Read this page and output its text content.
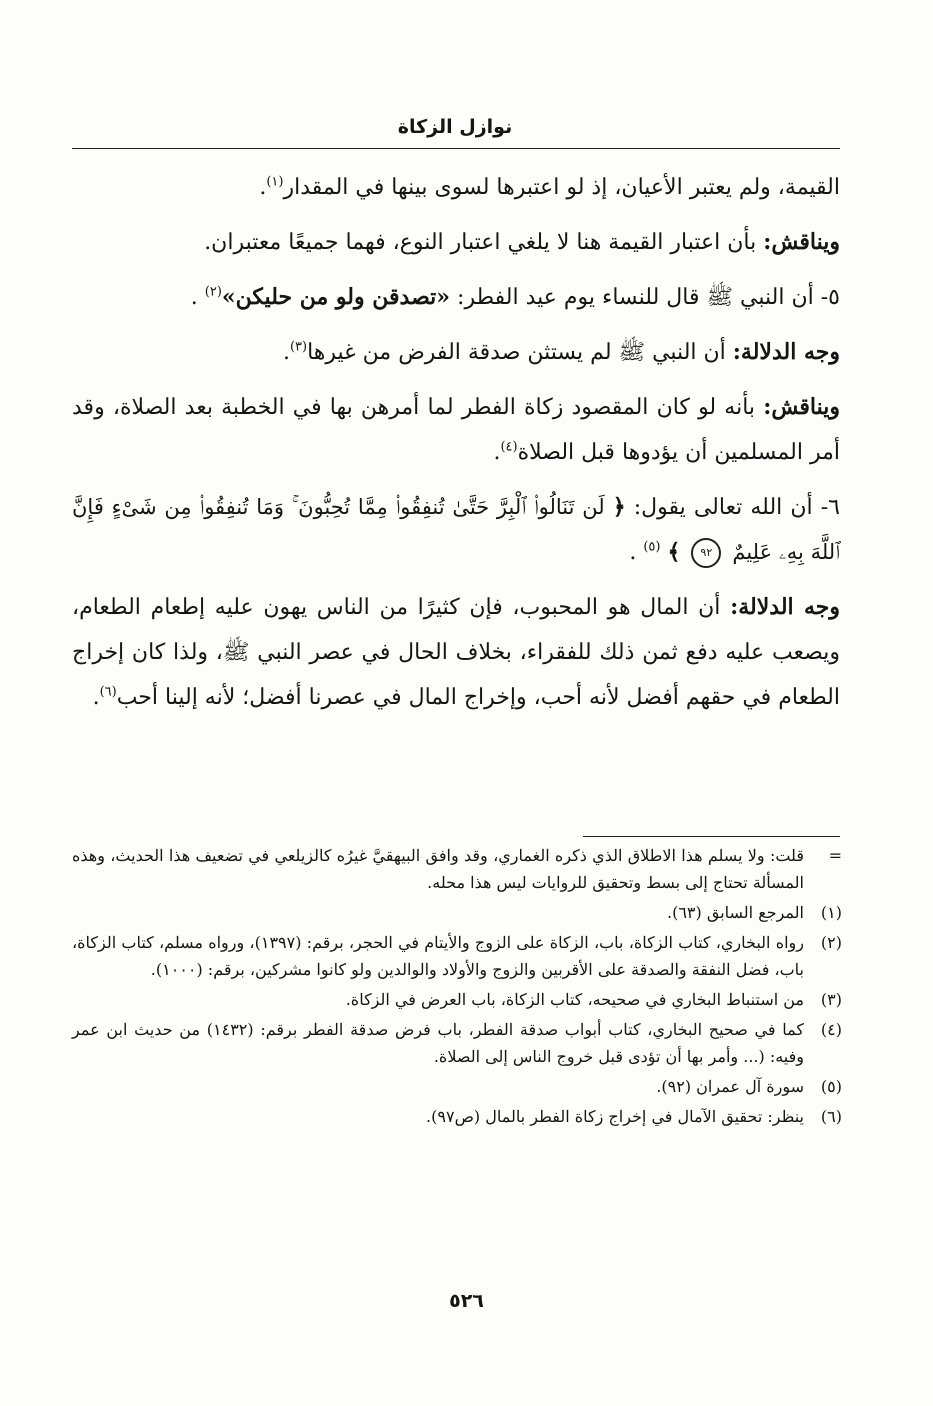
نوازل الزكاة

القيمة، ولم يعتبر الأعيان، إذ لو اعتبرها لسوى بينها في المقدار$^{(١)}$.

ويناقش: بأن اعتبار القيمة هنا لا يلغي اعتبار النوع، فهما جميعًا معتبران.

٥- أن النبي ﷺ قال للنساء يوم عيد الفطر: «تصدقن ولو من حليكن»$^{(٢)}$ .

وجه الدلالة: أن النبي ﷺ لم يستثن صدقة الفرض من غيرها$^{(٣)}$.

ويناقش: بأنه لو كان المقصود زكاة الفطر لما أمرهن بها في الخطبة بعد الصلاة، وقد أمر المسلمين أن يؤدوها قبل الصلاة$^{(٤)}$.

٦- أن الله تعالى يقول: ﴿ لَن تَنَالُوا۟ ٱلْبِرَّ حَتَّىٰ تُنفِقُوا۟ مِمَّا تُحِبُّونَ ۚ وَمَا تُنفِقُوا۟ مِن شَىْءٍ فَإِنَّ ٱللَّهَ بِهِۦ عَلِيمٌ ٩٢ ﴾ $^{(٥)}$ .

وجه الدلالة: أن المال هو المحبوب، فإن كثيرًا من الناس يهون عليه إطعام الطعام، ويصعب عليه دفع ثمن ذلك للفقراء، بخلاف الحال في عصر النبي ﷺ، ولذا كان إخراج الطعام في حقهم أفضل لأنه أحب، وإخراج المال في عصرنا أفضل؛ لأنه إلينا أحب$^{(٦)}$.

=
قلت: ولا يسلم هذا الاطلاق الذي ذكره الغماري، وقد وافق البيهقيَّ غيرُه كالزيلعي في تضعيف هذا الحديث، وهذه المسألة تحتاج إلى بسط وتحقيق للروايات ليس هذا محله.
(١)
المرجع السابق (٦٣).
(٢)
رواه البخاري، كتاب الزكاة، باب، الزكاة على الزوج والأيتام في الحجر، برقم: (١٣٩٧)، ورواه مسلم، كتاب الزكاة، باب، فضل النفقة والصدقة على الأقربين والزوج والأولاد والوالدين ولو كانوا مشركين، برقم: (١٠٠٠).
(٣)
من استنباط البخاري في صحيحه، كتاب الزكاة، باب العرض في الزكاة.
(٤)
كما في صحيح البخاري، كتاب أبواب صدقة الفطر، باب فرض صدقة الفطر برقم: (١٤٣٢) من حديث ابن عمر وفيه: (... وأمر بها أن تؤدى قبل خروج الناس إلى الصلاة.
(٥)
سورة آل عمران (٩٢).
(٦)
ينظر: تحقيق الآمال في إخراج زكاة الفطر بالمال (ص٩٧).
٥٢٦
